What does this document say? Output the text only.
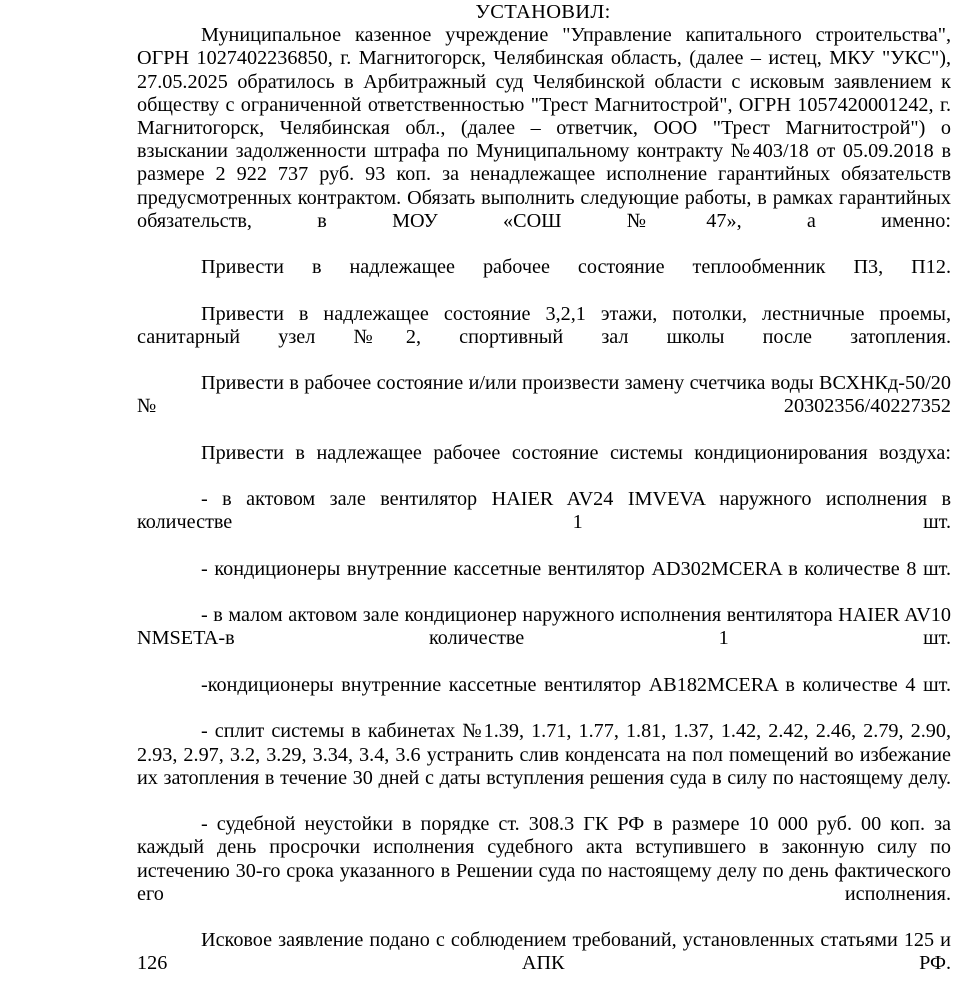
УСТАНОВИЛ:

Муниципальное казенное учреждение "Управление капитального строительства", ОГРН 1027402236850, г. Магнитогорск, Челябинская область, (далее – истец, МКУ "УКС"), 27.05.2025 обратилось в Арбитражный суд Челябинской области с исковым заявлением к обществу с ограниченной ответственностью "Трест Магнитострой", ОГРН 1057420001242, г. Магнитогорск, Челябинская обл., (далее – ответчик, ООО "Трест Магнитострой") о взыскании задолженности штрафа по Муниципальному контракту №403/18 от 05.09.2018 в размере 2 922 737 руб. 93 коп. за ненадлежащее исполнение гарантийных обязательств предусмотренных контрактом. Обязать выполнить следующие работы, в рамках гарантийных обязательств, в МОУ «СОШ №47», а именно:

Привести в надлежащее рабочее состояние теплообменник П3, П12.

Привести в надлежащее состояние 3,2,1 этажи, потолки, лестничные проемы, санитарный узел №2, спортивный зал школы после затопления.

Привести в рабочее состояние и/или произвести замену счетчика воды ВСХНКд-50/20 №20302356/40227352

Привести в надлежащее рабочее состояние системы кондиционирования воздуха:

- в актовом зале вентилятор HAIER AV24 IMVEVA наружного исполнения в количестве 1 шт.

- кондиционеры внутренние кассетные вентилятор AD302MCERA в количестве 8 шт.

- в малом актовом зале кондиционер наружного исполнения вентилятора HAIER AV10 NMSETA-в количестве 1 шт.

-кондиционеры внутренние кассетные вентилятор AB182MCERA в количестве 4 шт.

- сплит системы в кабинетах №1.39, 1.71, 1.77, 1.81, 1.37, 1.42, 2.42, 2.46, 2.79, 2.90, 2.93, 2.97, 3.2, 3.29, 3.34, 3.4, 3.6 устранить слив конденсата на пол помещений во избежание их затопления в течение 30 дней с даты вступления решения суда в силу по настоящему делу.

- судебной неустойки в порядке ст. 308.3 ГК РФ в размере 10 000 руб. 00 коп. за каждый день просрочки исполнения судебного акта вступившего в законную силу по истечению 30-го срока указанного в Решении суда по настоящему делу по день фактического его исполнения.

Исковое заявление подано с соблюдением требований, установленных статьями 125 и 126 АПК РФ.
